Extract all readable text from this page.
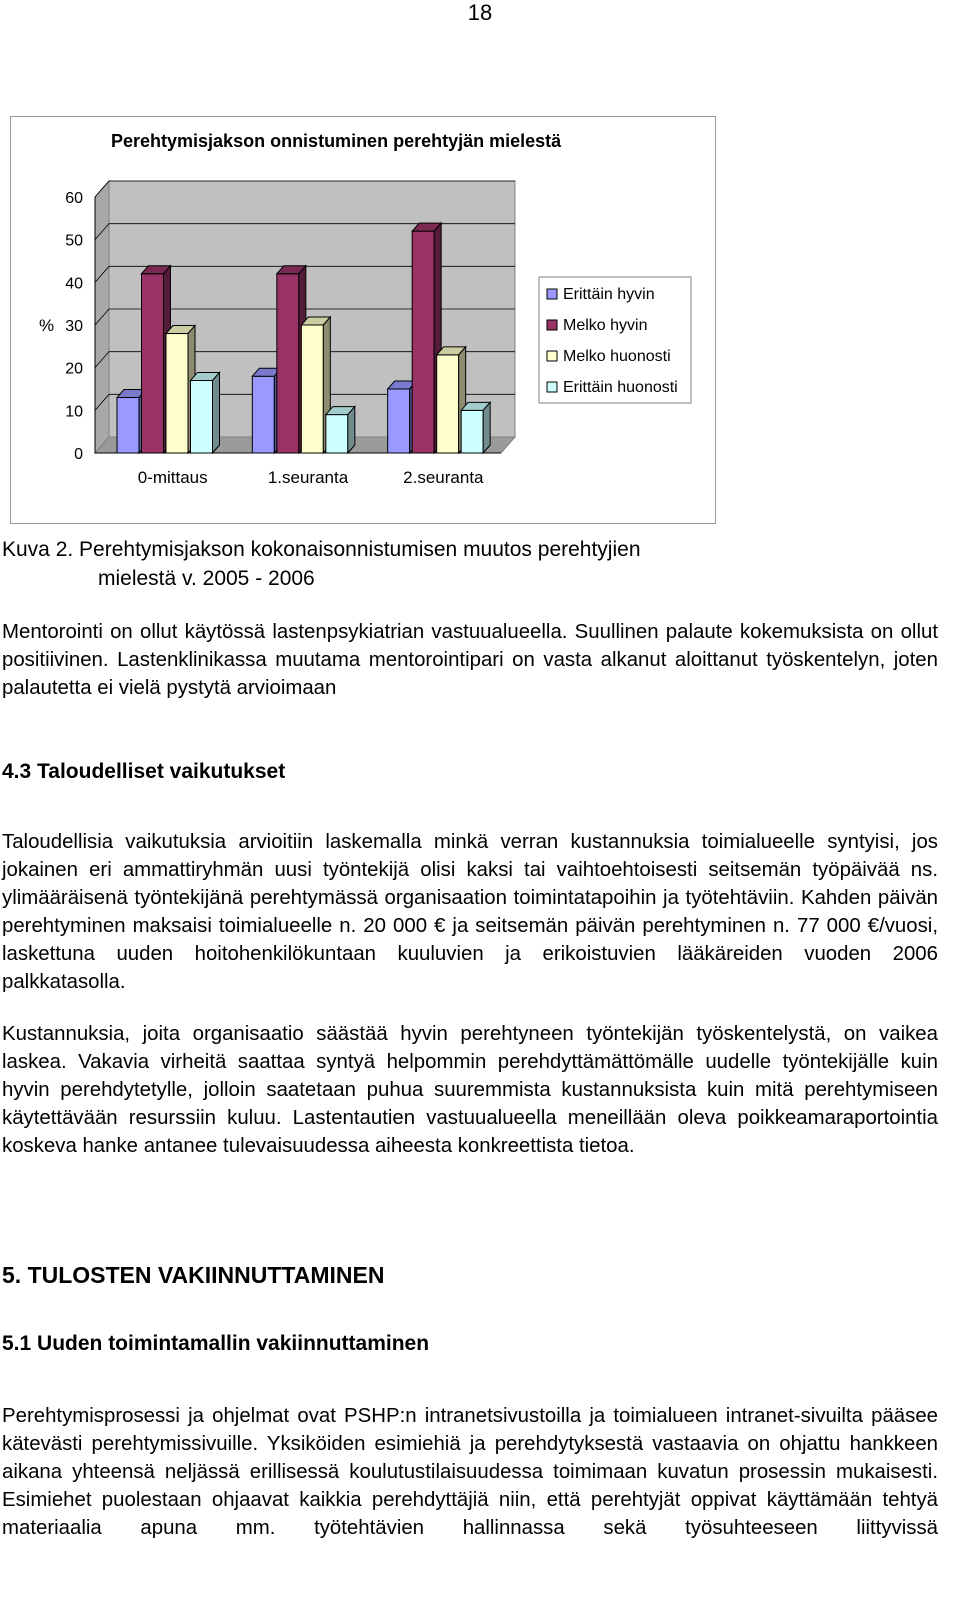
18
Perehtymisjakson onnistuminen perehtyjän mielestä
0
10
20
30
40
50
60
%
0-mittaus	1.seuranta	2.seuranta
Erittäin hyvin
Melko hyvin
Melko huonosti
Erittäin huonosti
Kuva 2. Perehtymisjakson kokonaisonnistumisen muutos perehtyjien
mielestä v. 2005 - 2006

Mentorointi on ollut käytössä lastenpsykiatrian vastuualueella. Suullinen palaute kokemuksista on ollut positiivinen. Lastenklinikassa muutama mentorointipari on vasta alkanut aloittanut työskentelyn, joten palautetta ei vielä pystytä arvioimaan

4.3 Taloudelliset vaikutukset

Taloudellisia vaikutuksia arvioitiin laskemalla minkä verran kustannuksia toimialueelle syntyisi, jos jokainen eri ammattiryhmän uusi työntekijä olisi kaksi tai vaihtoehtoisesti seitsemän työpäivää ns. ylimääräisenä työntekijänä perehtymässä organisaation toimintatapoihin ja työtehtäviin. Kahden päivän perehtyminen maksaisi toimialueelle n. 20 000 € ja seitsemän päivän perehtyminen n. 77 000 €/vuosi, laskettuna uuden hoitohenkilökuntaan kuuluvien ja erikoistuvien lääkäreiden vuoden 2006 palkkatasolla.

Kustannuksia, joita organisaatio säästää hyvin perehtyneen työntekijän työskentelystä, on vaikea laskea. Vakavia virheitä saattaa syntyä helpommin perehdyttämättömälle uudelle työntekijälle kuin hyvin perehdytetylle, jolloin saatetaan puhua suuremmista kustannuksista kuin mitä perehtymiseen käytettävään resurssiin kuluu. Lastentautien vastuualueella meneillään oleva poikkeamaraportointia koskeva hanke antanee tulevaisuudessa aiheesta konkreettista tietoa.

5. TULOSTEN VAKIINNUTTAMINEN
5.1 Uuden toimintamallin vakiinnuttaminen

Perehtymisprosessi ja ohjelmat ovat PSHP:n intranetsivustoilla ja toimialueen intranet-sivuilta pääsee kätevästi perehtymissivuille. Yksiköiden esimiehiä ja perehdytyksestä vastaavia on ohjattu hankkeen aikana yhteensä neljässä erillisessä koulutustilaisuudessa toimimaan kuvatun prosessin mukaisesti. Esimiehet puolestaan ohjaavat kaikkia perehdyttäjiä niin, että perehtyjät oppivat käyttämään tehtyä materiaalia apuna mm. työtehtävien hallinnassa sekä työsuhteeseen liittyvissä
